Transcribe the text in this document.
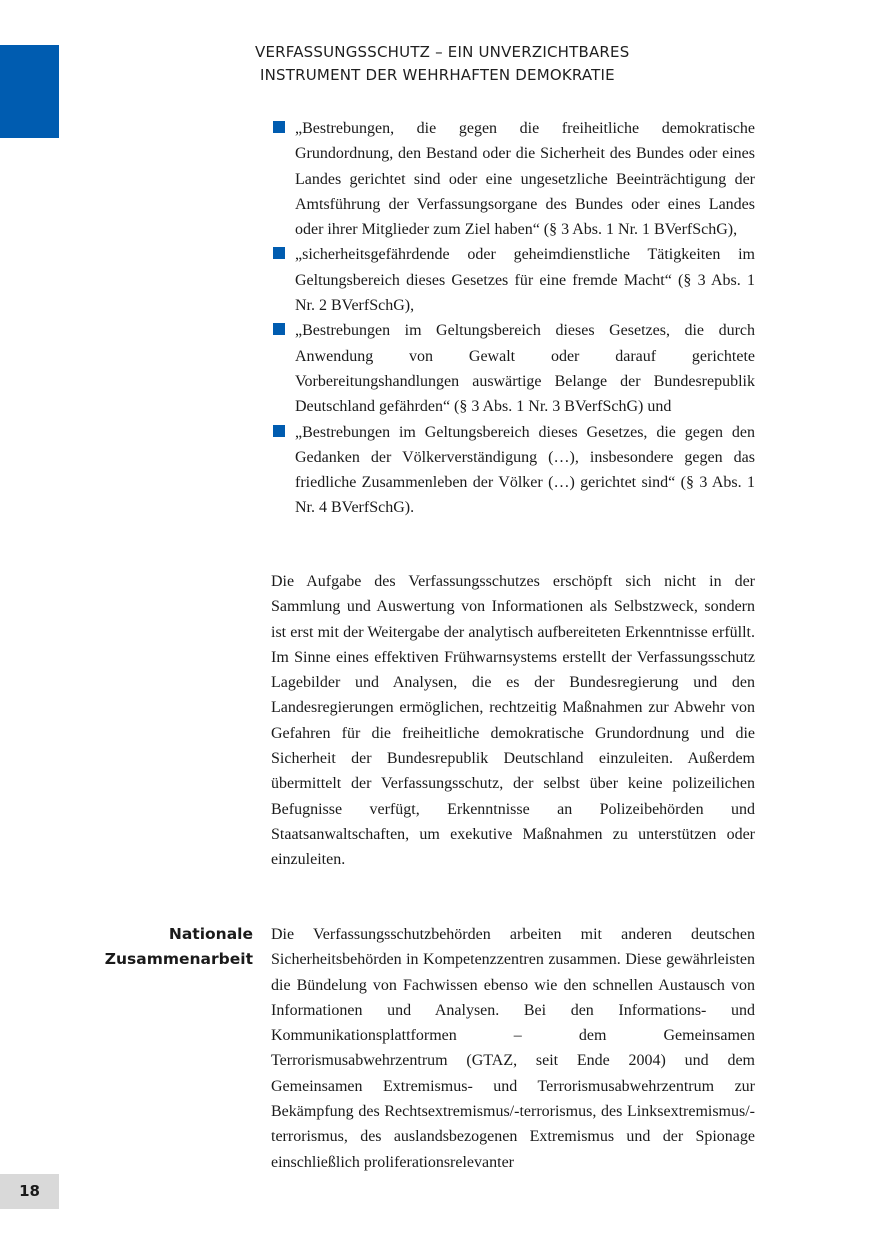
VERFASSUNGSSCHUTZ – EIN UNVERZICHTBARES
INSTRUMENT DER WEHRHAFTEN DEMOKRATIE
„Bestrebungen, die gegen die freiheitliche demokratische Grundordnung, den Bestand oder die Sicherheit des Bundes oder eines Landes gerichtet sind oder eine ungesetzliche Beeinträchtigung der Amtsführung der Verfassungsorgane des Bundes oder eines Landes oder ihrer Mitglieder zum Ziel haben“ (§ 3 Abs. 1 Nr. 1 BVerfSchG),
„sicherheitsgefährdende oder geheimdienstliche Tätigkeiten im Geltungsbereich dieses Gesetzes für eine fremde Macht“ (§ 3 Abs. 1 Nr. 2 BVerfSchG),
„Bestrebungen im Geltungsbereich dieses Gesetzes, die durch Anwendung von Gewalt oder darauf gerichtete Vorbereitungshandlungen auswärtige Belange der Bundesrepublik Deutschland gefährden“ (§ 3 Abs. 1 Nr. 3 BVerfSchG) und
„Bestrebungen im Geltungsbereich dieses Gesetzes, die gegen den Gedanken der Völkerverständigung (…), insbesondere gegen das friedliche Zusammenleben der Völker (…) gerichtet sind“ (§ 3 Abs. 1 Nr. 4 BVerfSchG).

Die Aufgabe des Verfassungsschutzes erschöpft sich nicht in der Sammlung und Auswertung von Informationen als Selbstzweck, sondern ist erst mit der Weitergabe der analytisch aufbereiteten Erkenntnisse erfüllt. Im Sinne eines effektiven Frühwarnsystems erstellt der Verfassungsschutz Lagebilder und Analysen, die es der Bundesregierung und den Landesregierungen ermöglichen, rechtzeitig Maßnahmen zur Abwehr von Gefahren für die freiheitliche demokratische Grundordnung und die Sicherheit der Bundesrepublik Deutschland einzuleiten. Außerdem übermittelt der Verfassungsschutz, der selbst über keine polizeilichen Befugnisse verfügt, Erkenntnisse an Polizeibehörden und Staatsanwaltschaften, um exekutive Maßnahmen zu unterstützen oder einzuleiten.

Nationale
Zusammenarbeit

Die Verfassungsschutzbehörden arbeiten mit anderen deutschen Sicherheitsbehörden in Kompetenzzentren zusammen. Diese gewährleisten die Bündelung von Fachwissen ebenso wie den schnellen Austausch von Informationen und Analysen. Bei den Informations- und Kommunikationsplattformen – dem Gemeinsamen Terrorismusabwehrzentrum (GTAZ, seit Ende 2004) und dem Gemeinsamen Extremismus- und Terrorismusabwehrzentrum zur Bekämpfung des Rechtsextremismus/-terrorismus, des Linksextremismus/-terrorismus, des auslandsbezogenen Extremismus und der Spionage einschließlich proliferationsrelevanter

18
